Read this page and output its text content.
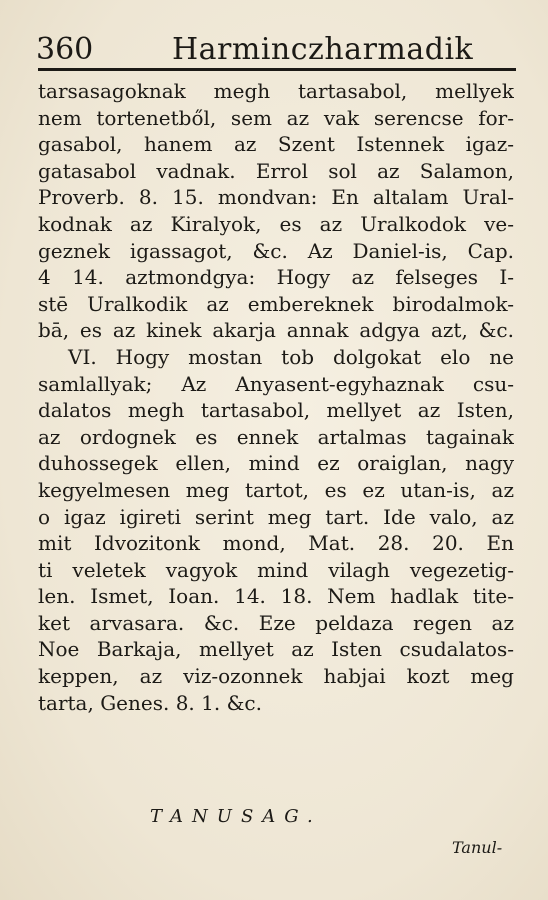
360	Harminczharmadik
tarsasagoknak megh tartasabol, mellyek
nem tortenetből, sem az vak serencse for-
gasabol, hanem az Szent Istennek igaz-
gatasabol vadnak. Errol sol az Salamon,
Proverb. 8. 15. mondvan: En altalam Ural-
kodnak az Kiralyok, es az Uralkodok ve-
geznek igassagot, &c. Az Daniel-is, Cap.
4 14. aztmondgya: Hogy az felseges I-
stē Uralkodik az embereknek birodalmok-
bā, es az kinek akarja annak adgya azt, &c.
VI. Hogy mostan tob dolgokat elo ne
samlallyak; Az Anyasent-egyhaznak csu-
dalatos megh tartasabol, mellyet az Isten,
az ordognek es ennek artalmas tagainak
duhossegek ellen, mind ez oraiglan, nagy
kegyelmesen meg tartot, es ez utan-is, az
o igaz igireti serint meg tart. Ide valo, az
mit Idvozitonk mond, Mat. 28. 20. En
ti veletek vagyok mind vilagh vegezetig-
len. Ismet, Ioan. 14. 18. Nem hadlak tite-
ket arvasara. &c. Eze peldaza regen az
Noe Barkaja, mellyet az Isten csudalatos-
keppen, az viz-ozonnek habjai kozt meg
tarta, Genes. 8. 1. &c.
TANUSAG.
Tanul-
